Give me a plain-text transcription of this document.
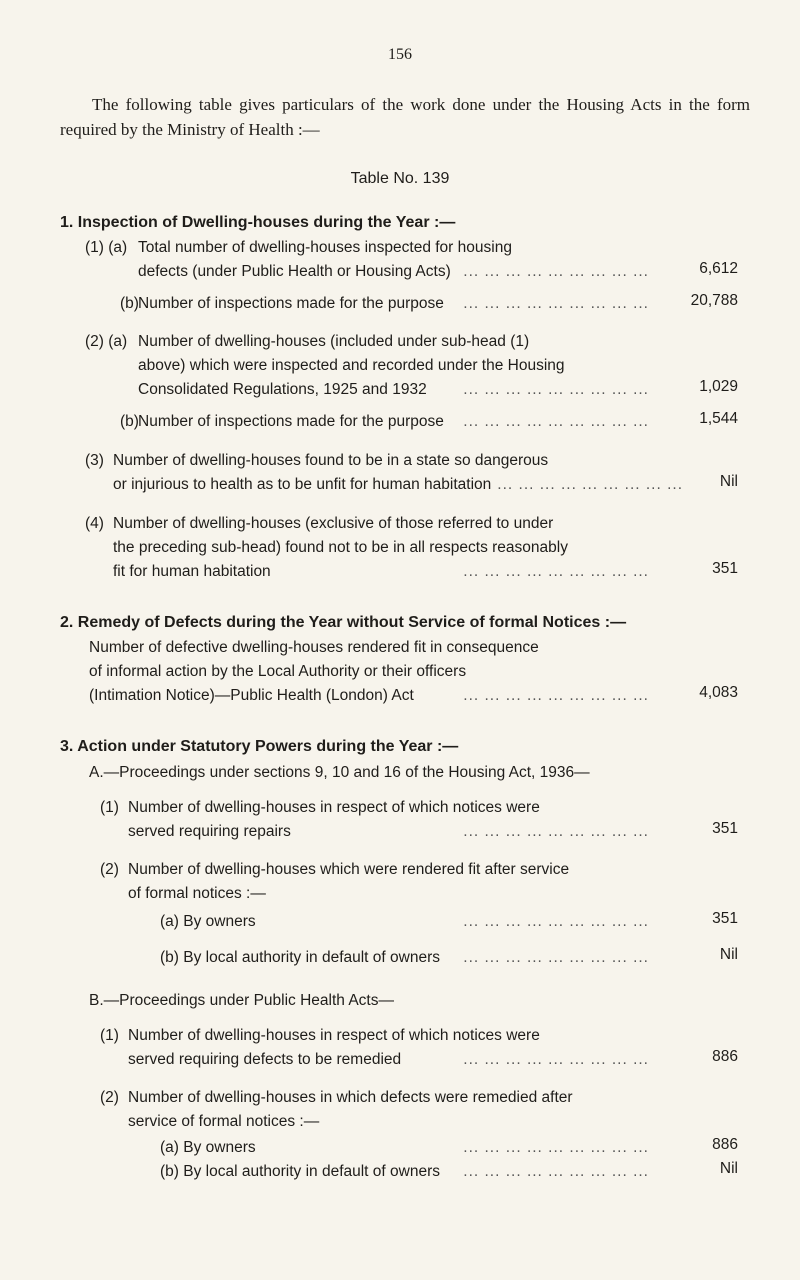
156
The following table gives particulars of the work done under the Housing Acts in the form required by the Ministry of Health :—
Table No. 139
1. Inspection of Dwelling-houses during the Year :—
(1) (a) Total number of dwelling-houses inspected for housing
defects (under Public Health or Housing Acts) ... ... ... ... ... ... ... ... ...	6,612
(b) Number of inspections made for the purpose	... ... ... ... ... ... ... ... ...	20,788
(2) (a) Number of dwelling-houses (included under sub-head (1)
above) which were inspected and recorded under the Housing
Consolidated Regulations, 1925 and 1932	... ... ... ... ... ... ... ... ...	1,029
(b) Number of inspections made for the purpose	... ... ... ... ... ... ... ... ...	1,544
(3) Number of dwelling-houses found to be in a state so dangerous
or injurious to health as to be unfit for human habitation ... ... ... ... ... ... ... ... ...	Nil
(4) Number of dwelling-houses (exclusive of those referred to under
the preceding sub-head) found not to be in all respects reasonably
fit for human habitation	... ... ... ... ... ... ... ... ...	351
2. Remedy of Defects during the Year without Service of formal Notices :—
Number of defective dwelling-houses rendered fit in consequence
of informal action by the Local Authority or their officers
(Intimation Notice)—Public Health (London) Act	... ... ... ... ... ... ... ... ...	4,083
3. Action under Statutory Powers during the Year :—
A.—Proceedings under sections 9, 10 and 16 of the Housing Act, 1936—
(1) Number of dwelling-houses in respect of which notices were
served requiring repairs	... ... ... ... ... ... ... ... ...	351
(2) Number of dwelling-houses which were rendered fit after service
of formal notices :—
(a) By owners	... ... ... ... ... ... ... ... ...	351
(b) By local authority in default of owners	... ... ... ... ... ... ... ... ...	Nil
B.—Proceedings under Public Health Acts—
(1) Number of dwelling-houses in respect of which notices were
served requiring defects to be remedied	... ... ... ... ... ... ... ... ...	886
(2) Number of dwelling-houses in which defects were remedied after
service of formal notices :—
(a) By owners	... ... ... ... ... ... ... ... ...	886
(b) By local authority in default of owners	... ... ... ... ... ... ... ... ...	Nil
